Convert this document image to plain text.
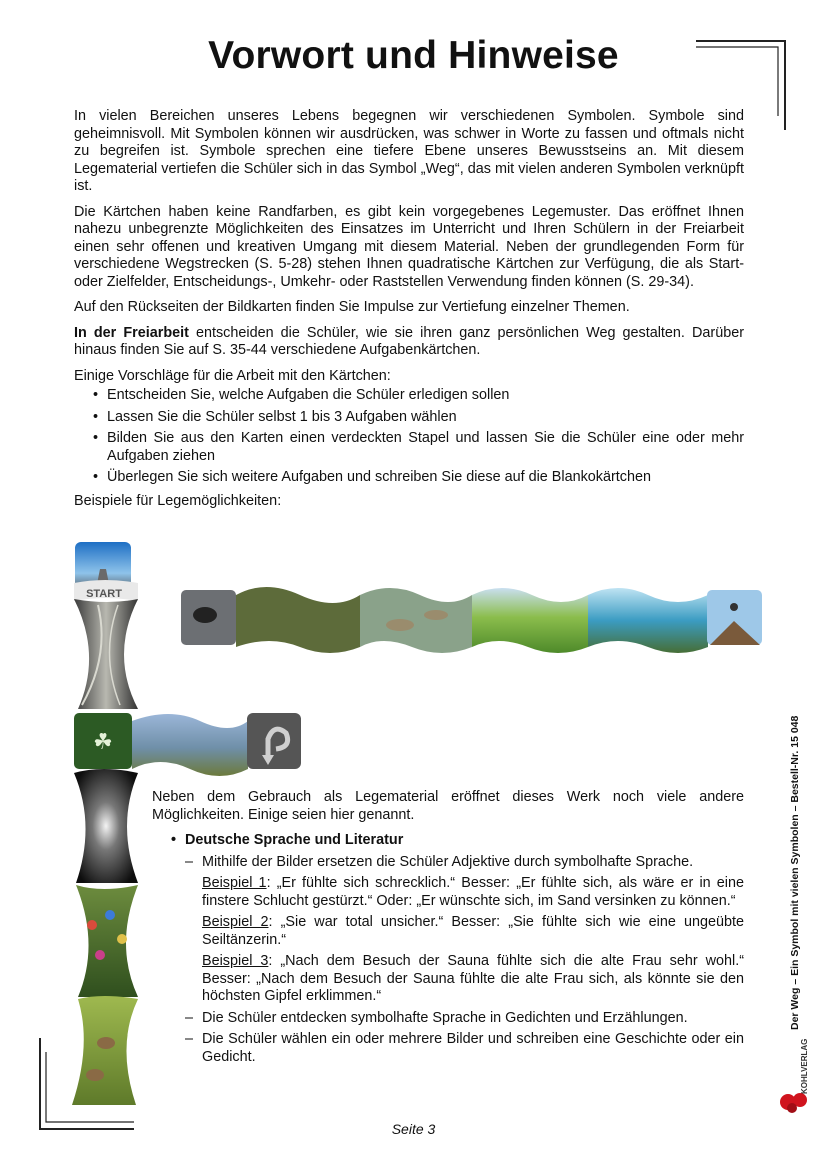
Vorwort und Hinweise

In vielen Bereichen unseres Lebens begegnen wir verschiedenen Symbolen. Symbole sind geheimnisvoll. Mit Symbolen können wir ausdrücken, was schwer in Worte zu fassen und oftmals nicht zu begreifen ist. Symbole sprechen eine tiefere Ebene unseres Bewusstseins an. Mit diesem Legematerial vertiefen die Schüler sich in das Symbol „Weg“, das mit vielen anderen Symbolen verknüpft ist.

Die Kärtchen haben keine Randfarben, es gibt kein vorgegebenes Legemuster. Das eröffnet Ihnen nahezu unbegrenzte Möglichkeiten des Einsatzes im Unterricht und Ihren Schülern in der Freiarbeit einen sehr offenen und kreativen Umgang mit diesem Material. Neben der grundlegenden Form für verschiedene Wegstrecken (S. 5-28) stehen Ihnen quadratische Kärtchen zur Verfügung, die als Start- oder Zielfelder, Entscheidungs-, Umkehr- oder Raststellen Verwendung finden können (S. 29-34).

Auf den Rückseiten der Bildkarten finden Sie Impulse zur Vertiefung einzelner Themen.

In der Freiarbeit entscheiden die Schüler, wie sie ihren ganz persönlichen Weg gestalten. Darüber hinaus finden Sie auf S. 35-44 verschiedene Aufgabenkärtchen.

Einige Vorschläge für die Arbeit mit den Kärtchen:

• Entscheiden Sie, welche Aufgaben die Schüler erledigen sollen
• Lassen Sie die Schüler selbst 1 bis 3 Aufgaben wählen
• Bilden Sie aus den Karten einen verdeckten Stapel und lassen Sie die Schüler eine oder mehr Aufgaben ziehen
• Überlegen Sie sich weitere Aufgaben und schreiben Sie diese auf die Blankokärtchen

Beispiele für Legemöglichkeiten:

START
☘

Neben dem Gebrauch als Legematerial eröffnet dieses Werk noch viele andere Möglichkeiten. Einige seien hier genannt.

• Deutsche Sprache und Literatur
– Mithilfe der Bilder ersetzen die Schüler Adjektive durch symbolhafte Sprache.
Beispiel 1: „Er fühlte sich schrecklich.“ Besser: „Er fühlte sich, als wäre er in eine finstere Schlucht gestürzt.“ Oder: „Er wünschte sich, im Sand versinken zu können.“
Beispiel 2: „Sie war total unsicher.“ Besser: „Sie fühlte sich wie eine ungeübte Seiltänzerin.“
Beispiel 3: „Nach dem Besuch der Sauna fühlte sich die alte Frau sehr wohl.“ Besser: „Nach dem Besuch der Sauna fühlte die alte Frau sich, als könnte sie den höchsten Gipfel erklimmen.“
– Die Schüler entdecken symbolhafte Sprache in Gedichten und Erzählungen.
– Die Schüler wählen ein oder mehrere Bilder und schreiben eine Geschichte oder ein Gedicht.
Der Weg – Ein Symbol mit vielen Symbolen – Bestell-Nr. 15 048
KOHLVERLAG
Seite 3
